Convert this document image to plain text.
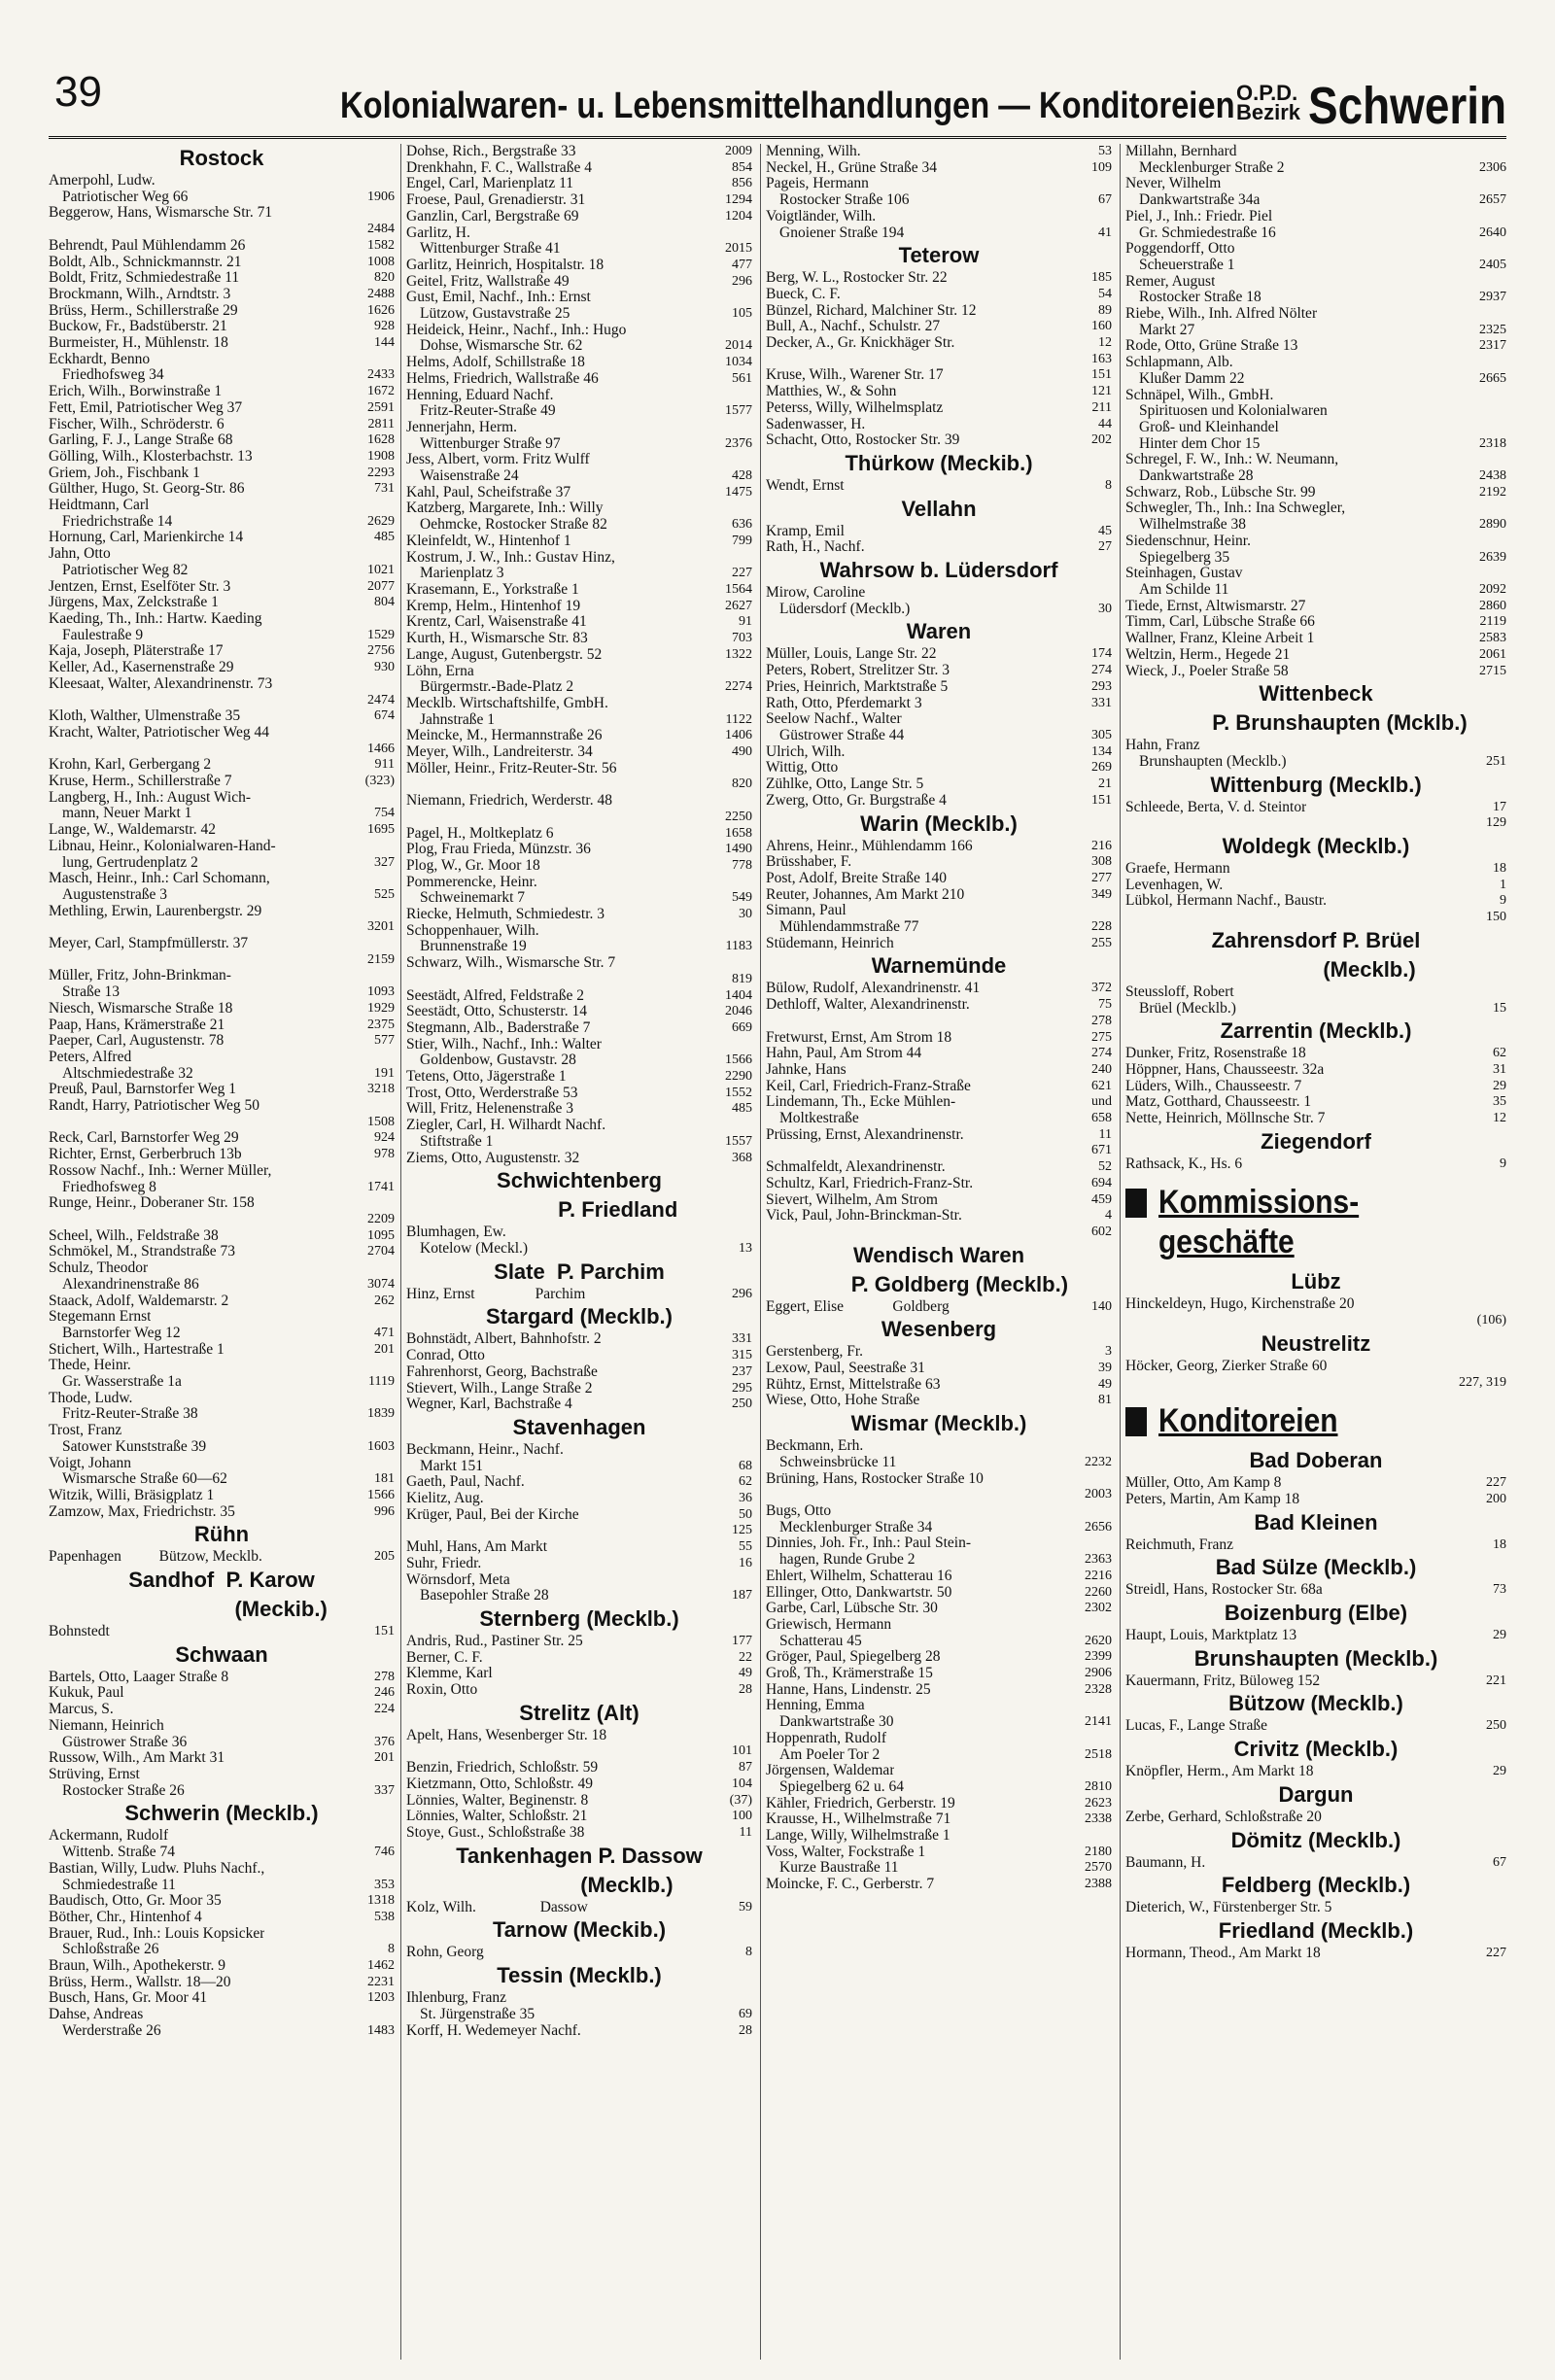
39	Kolonialwaren- u. Lebensmittelhandlungen — Konditoreien O.P.D.
Bezirk Schwerin
Rostock
Amerpohl, Ludw.
Patriotischer Weg 66	1906
Beggerow, Hans, Wismarsche Str. 71
2484
Behrendt, Paul Mühlendamm 26	1582
Boldt, Alb., Schnickmannstr. 21	1008
Boldt, Fritz, Schmiedestraße 11	820
Brockmann, Wilh., Arndtstr. 3	2488
Brüss, Herm., Schillerstraße 29	1626
Buckow, Fr., Badstüberstr. 21	928
Burmeister, H., Mühlenstr. 18	144
Eckhardt, Benno
Friedhofsweg 34	2433
Erich, Wilh., Borwinstraße 1	1672
Fett, Emil, Patriotischer Weg 37	2591
Fischer, Wilh., Schröderstr. 6	2811
Garling, F. J., Lange Straße 68	1628
Gölling, Wilh., Klosterbachstr. 13	1908
Griem, Joh., Fischbank 1	2293
Gülther, Hugo, St. Georg-Str. 86	731
Heidtmann, Carl
Friedrichstraße 14	2629
Hornung, Carl, Marienkirche 14	485
Jahn, Otto
Patriotischer Weg 82	1021
Jentzen, Ernst, Eselföter Str. 3	2077
Jürgens, Max, Zelckstraße 1	804
Kaeding, Th., Inh.: Hartw. Kaeding
Faulestraße 9	1529
Kaja, Joseph, Pläterstraße 17	2756
Keller, Ad., Kasernenstraße 29	930
Kleesaat, Walter, Alexandrinenstr. 73
2474
Kloth, Walther, Ulmenstraße 35	674
Kracht, Walter, Patriotischer Weg 44
1466
Krohn, Karl, Gerbergang 2	911
Kruse, Herm., Schillerstraße 7	(323)
Langberg, H., Inh.: August Wich-
mann, Neuer Markt 1	754
Lange, W., Waldemarstr. 42	1695
Libnau, Heinr., Kolonialwaren-Hand-
lung, Gertrudenplatz 2	327
Masch, Heinr., Inh.: Carl Schomann,
Augustenstraße 3	525
Methling, Erwin, Laurenbergstr. 29
3201
Meyer, Carl, Stampfmüllerstr. 37
2159
Müller, Fritz, John-Brinkman-
Straße 13	1093
Niesch, Wismarsche Straße 18	1929
Paap, Hans, Krämerstraße 21	2375
Paeper, Carl, Augustenstr. 78	577
Peters, Alfred
Altschmiedestraße 32	191
Preuß, Paul, Barnstorfer Weg 1	3218
Randt, Harry, Patriotischer Weg 50
1508
Reck, Carl, Barnstorfer Weg 29	924
Richter, Ernst, Gerberbruch 13b	978
Rossow Nachf., Inh.: Werner Müller,
Friedhofsweg 8	1741
Runge, Heinr., Doberaner Str. 158
2209
Scheel, Wilh., Feldstraße 38	1095
Schmökel, M., Strandstraße 73	2704
Schulz, Theodor
Alexandrinenstraße 86	3074
Staack, Adolf, Waldemarstr. 2	262
Stegemann Ernst
Barnstorfer Weg 12	471
Stichert, Wilh., Hartestraße 1	201
Thede, Heinr.
Gr. Wasserstraße 1a	1119
Thode, Ludw.
Fritz-Reuter-Straße 38	1839
Trost, Franz
Satower Kunststraße 39	1603
Voigt, Johann
Wismarsche Straße 60—62	181
Witzik, Willi, Bräsigplatz 1	1566
Zamzow, Max, Friedrichstr. 35	996
Rühn
Papenhagen          Bützow, Mecklb.	205
Sandhof  P. Karow
(Meckib.)
Bohnstedt	151
Schwaan
Bartels, Otto, Laager Straße 8	278
Kukuk, Paul	246
Marcus, S.	224
Niemann, Heinrich
Güstrower Straße 36	376
Russow, Wilh., Am Markt 31	201
Strüving, Ernst
Rostocker Straße 26	337
Schwerin (Mecklb.)
Ackermann, Rudolf
Wittenb. Straße 74	746
Bastian, Willy, Ludw. Pluhs Nachf.,
Schmiedestraße 11	353
Baudisch, Otto, Gr. Moor 35	1318
Böther, Chr., Hintenhof 4	538
Brauer, Rud., Inh.: Louis Kopsicker
Schloßstraße 26	8
Braun, Wilh., Apothekerstr. 9	1462
Brüss, Herm., Wallstr. 18—20	2231
Busch, Hans, Gr. Moor 41	1203
Dahse, Andreas
Werderstraße 26	1483
Dohse, Rich., Bergstraße 33	2009
Drenkhahn, F. C., Wallstraße 4	854
Engel, Carl, Marienplatz 11	856
Froese, Paul, Grenadierstr. 31	1294
Ganzlin, Carl, Bergstraße 69	1204
Garlitz, H.
Wittenburger Straße 41	2015
Garlitz, Heinrich, Hospitalstr. 18	477
Geitel, Fritz, Wallstraße 49	296
Gust, Emil, Nachf., Inh.: Ernst
Lützow, Gustavstraße 25	105
Heideick, Heinr., Nachf., Inh.: Hugo
Dohse, Wismarsche Str. 62	2014
Helms, Adolf, Schillstraße 18	1034
Helms, Friedrich, Wallstraße 46	561
Henning, Eduard Nachf.
Fritz-Reuter-Straße 49	1577
Jennerjahn, Herm.
Wittenburger Straße 97	2376
Jess, Albert, vorm. Fritz Wulff
Waisenstraße 24	428
Kahl, Paul, Scheifstraße 37	1475
Katzberg, Margarete, Inh.: Willy
Oehmcke, Rostocker Straße 82	636
Kleinfeldt, W., Hintenhof 1	799
Kostrum, J. W., Inh.: Gustav Hinz,
Marienplatz 3	227
Krasemann, E., Yorkstraße 1	1564
Kremp, Helm., Hintenhof 19	2627
Krentz, Carl, Waisenstraße 41	91
Kurth, H., Wismarsche Str. 83	703
Lange, August, Gutenbergstr. 52	1322
Löhn, Erna
Bürgermstr.-Bade-Platz 2	2274
Mecklb. Wirtschaftshilfe, GmbH.
Jahnstraße 1	1122
Meincke, M., Hermannstraße 26	1406
Meyer, Wilh., Landreiterstr. 34	490
Möller, Heinr., Fritz-Reuter-Str. 56
820
Niemann, Friedrich, Werderstr. 48
2250
Pagel, H., Moltkeplatz 6	1658
Plog, Frau Frieda, Münzstr. 36	1490
Plog, W., Gr. Moor 18	778
Pommerencke, Heinr.
Schweinemarkt 7	549
Riecke, Helmuth, Schmiedestr. 3	30
Schoppenhauer, Wilh.
Brunnenstraße 19	1183
Schwarz, Wilh., Wismarsche Str. 7
819
Seestädt, Alfred, Feldstraße 2	1404
Seestädt, Otto, Schusterstr. 14	2046
Stegmann, Alb., Baderstraße 7	669
Stier, Wilh., Nachf., Inh.: Walter
Goldenbow, Gustavstr. 28	1566
Tetens, Otto, Jägerstraße 1	2290
Trost, Otto, Werderstraße 53	1552
Will, Fritz, Helenenstraße 3	485
Ziegler, Carl, H. Wilhardt Nachf.
Stiftstraße 1	1557
Ziems, Otto, Augustenstr. 32	368
Schwichtenberg
P. Friedland
Blumhagen, Ew.
Kotelow (Meckl.)	13
Slate  P. Parchim
Hinz, Ernst                Parchim	296
Stargard (Mecklb.)
Bohnstädt, Albert, Bahnhofstr. 2	331
Conrad, Otto	315
Fahrenhorst, Georg, Bachstraße	237
Stievert, Wilh., Lange Straße 2	295
Wegner, Karl, Bachstraße 4	250
Stavenhagen
Beckmann, Heinr., Nachf.
Markt 151	68
Gaeth, Paul, Nachf.	62
Kielitz, Aug.	36
Krüger, Paul, Bei der Kirche	50
125
Muhl, Hans, Am Markt	55
Suhr, Friedr.	16
Wörnsdorf, Meta
Basepohler Straße 28	187
Sternberg (Mecklb.)
Andris, Rud., Pastiner Str. 25	177
Berner, C. F.	22
Klemme, Karl	49
Roxin, Otto	28
Strelitz (Alt)
Apelt, Hans, Wesenberger Str. 18
101
Benzin, Friedrich, Schloßstr. 59	87
Kietzmann, Otto, Schloßstr. 49	104
Lönnies, Walter, Beginenstr. 8	(37)
Lönnies, Walter, Schloßstr. 21	100
Stoye, Gust., Schloßstraße 38	11
Tankenhagen P. Dassow
(Mecklb.)
Kolz, Wilh.                 Dassow	59
Tarnow (Meckib.)
Rohn, Georg	8
Tessin (Mecklb.)
Ihlenburg, Franz
St. Jürgenstraße 35	69
Korff, H. Wedemeyer Nachf.	28
Menning, Wilh.	53
Neckel, H., Grüne Straße 34	109
Pageis, Hermann
Rostocker Straße 106	67
Voigtländer, Wilh.
Gnoiener Straße 194	41
Teterow
Berg, W. L., Rostocker Str. 22	185
Bueck, C. F.	54
Bünzel, Richard, Malchiner Str. 12	89
Bull, A., Nachf., Schulstr. 27	160
Decker, A., Gr. Knickhäger Str.	12
163
Kruse, Wilh., Warener Str. 17	151
Matthies, W., & Sohn	121
Peterss, Willy, Wilhelmsplatz	211
Sadenwasser, H.	44
Schacht, Otto, Rostocker Str. 39	202
Thürkow (Meckib.)
Wendt, Ernst	8
Vellahn
Kramp, Emil	45
Rath, H., Nachf.	27
Wahrsow b. Lüdersdorf
Mirow, Caroline
Lüdersdorf (Mecklb.)	30
Waren
Müller, Louis, Lange Str. 22	174
Peters, Robert, Strelitzer Str. 3	274
Pries, Heinrich, Marktstraße 5	293
Rath, Otto, Pferdemarkt 3	331
Seelow Nachf., Walter
Güstrower Straße 44	305
Ulrich, Wilh.	134
Wittig, Otto	269
Zühlke, Otto, Lange Str. 5	21
Zwerg, Otto, Gr. Burgstraße 4	151
Warin (Mecklb.)
Ahrens, Heinr., Mühlendamm 166	216
Brüsshaber, F.	308
Post, Adolf, Breite Straße 140	277
Reuter, Johannes, Am Markt 210	349
Simann, Paul
Mühlendammstraße 77	228
Stüdemann, Heinrich	255
Warnemünde
Bülow, Rudolf, Alexandrinenstr. 41	372
Dethloff, Walter, Alexandrinenstr.	75
278
Fretwurst, Ernst, Am Strom 18	275
Hahn, Paul, Am Strom 44	274
Jahnke, Hans	240
Keil, Carl, Friedrich-Franz-Straße	621
Lindemann, Th., Ecke Mühlen-	und
Moltkestraße	658
Prüssing, Ernst, Alexandrinenstr.	11
671
Schmalfeldt, Alexandrinenstr.	52
Schultz, Karl, Friedrich-Franz-Str.	694
Sievert, Wilhelm, Am Strom	459
Vick, Paul, John-Brinckman-Str.	4
602
Wendisch Waren
P. Goldberg (Mecklb.)
Eggert, Elise             Goldberg	140
Wesenberg
Gerstenberg, Fr.	3
Lexow, Paul, Seestraße 31	39
Rühtz, Ernst, Mittelstraße 63	49
Wiese, Otto, Hohe Straße	81
Wismar (Mecklb.)
Beckmann, Erh.
Schweinsbrücke 11	2232
Brüning, Hans, Rostocker Straße 10
2003
Bugs, Otto
Mecklenburger Straße 34	2656
Dinnies, Joh. Fr., Inh.: Paul Stein-
hagen, Runde Grube 2	2363
Ehlert, Wilhelm, Schatterau 16	2216
Ellinger, Otto, Dankwartstr. 50	2260
Garbe, Carl, Lübsche Str. 30	2302
Griewisch, Hermann
Schatterau 45	2620
Gröger, Paul, Spiegelberg 28	2399
Groß, Th., Krämerstraße 15	2906
Hanne, Hans, Lindenstr. 25	2328
Henning, Emma
Dankwartstraße 30	2141
Hoppenrath, Rudolf
Am Poeler Tor 2	2518
Jörgensen, Waldemar
Spiegelberg 62 u. 64	2810
Kähler, Friedrich, Gerberstr. 19	2623
Krausse, H., Wilhelmstraße 71	2338
Lange, Willy, Wilhelmstraße 1
Voss, Walter, Fockstraße 1	2180
Kurze Baustraße 11	2570
Moincke, F. C., Gerberstr. 7	2388
Millahn, Bernhard
Mecklenburger Straße 2	2306
Never, Wilhelm
Dankwartstraße 34a	2657
Piel, J., Inh.: Friedr. Piel
Gr. Schmiedestraße 16	2640
Poggendorff, Otto
Scheuerstraße 1	2405
Remer, August
Rostocker Straße 18	2937
Riebe, Wilh., Inh. Alfred Nölter
Markt 27	2325
Rode, Otto, Grüne Straße 13	2317
Schlapmann, Alb.
Klußer Damm 22	2665
Schnäpel, Wilh., GmbH.
Spirituosen und Kolonialwaren
Groß- und Kleinhandel
Hinter dem Chor 15	2318
Schregel, F. W., Inh.: W. Neumann,
Dankwartstraße 28	2438
Schwarz, Rob., Lübsche Str. 99	2192
Schwegler, Th., Inh.: Ina Schwegler,
Wilhelmstraße 38	2890
Siedenschnur, Heinr.
Spiegelberg 35	2639
Steinhagen, Gustav
Am Schilde 11	2092
Tiede, Ernst, Altwismarstr. 27	2860
Timm, Carl, Lübsche Straße 66	2119
Wallner, Franz, Kleine Arbeit 1	2583
Weltzin, Herm., Hegede 21	2061
Wieck, J., Poeler Straße 58	2715
Wittenbeck
P. Brunshaupten (Mcklb.)
Hahn, Franz
Brunshaupten (Mecklb.)	251
Wittenburg (Mecklb.)
Schleede, Berta, V. d. Steintor	17
129
Woldegk (Mecklb.)
Graefe, Hermann	18
Levenhagen, W.	1
Lübkol, Hermann Nachf., Baustr.	9
150
Zahrensdorf P. Brüel
(Mecklb.)
Steussloff, Robert
Brüel (Mecklb.)	15
Zarrentin (Mecklb.)
Dunker, Fritz, Rosenstraße 18	62
Höppner, Hans, Chausseestr. 32a	31
Lüders, Wilh., Chausseestr. 7	29
Matz, Gotthard, Chausseestr. 1	35
Nette, Heinrich, Möllnsche Str. 7	12
Ziegendorf
Rathsack, K., Hs. 6	9
Kommissions-
geschäfte
Lübz
Hinckeldeyn, Hugo, Kirchenstraße 20
(106)
Neustrelitz
Höcker, Georg, Zierker Straße 60
227, 319
Konditoreien
Bad Doberan
Müller, Otto, Am Kamp 8	227
Peters, Martin, Am Kamp 18	200
Bad Kleinen
Reichmuth, Franz	18
Bad Sülze (Mecklb.)
Streidl, Hans, Rostocker Str. 68a	73
Boizenburg (Elbe)
Haupt, Louis, Marktplatz 13	29
Brunshaupten (Mecklb.)
Kauermann, Fritz, Büloweg 152	221
Bützow (Mecklb.)
Lucas, F., Lange Straße	250
Crivitz (Mecklb.)
Knöpfler, Herm., Am Markt 18	29
Dargun
Zerbe, Gerhard, Schloßstraße 20
Dömitz (Mecklb.)
Baumann, H.	67
Feldberg (Mecklb.)
Dieterich, W., Fürstenberger Str. 5
Friedland (Mecklb.)
Hormann, Theod., Am Markt 18	227
